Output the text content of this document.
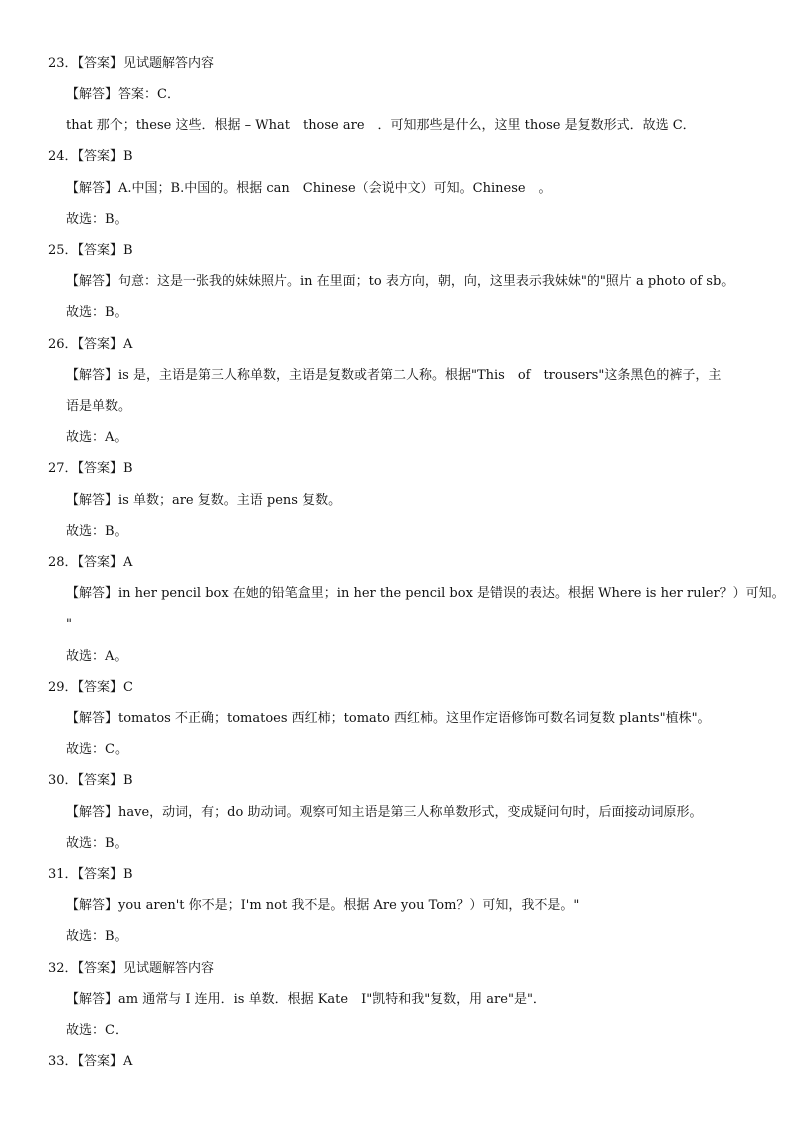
23．【答案】见试题解答内容
【解答】答案：C．
that 那个；these 这些．根据 – What　those are　．可知那些是什么，这里 those 是复数形式．故选 C．
24．【答案】B
【解答】A.中国；B.中国的。根据 can　Chinese（会说中文）可知。Chinese　。
故选：B。
25．【答案】B
【解答】句意：这是一张我的妹妹照片。in 在里面；to 表方向，朝，向，这里表示我妹妹"的"照片 a photo of sb。
故选：B。
26．【答案】A
【解答】is 是，主语是第三人称单数，主语是复数或者第二人称。根据"This　of　trousers"这条黑色的裤子，主
语是单数。
故选：A。
27．【答案】B
【解答】is 单数；are 复数。主语 pens 复数。
故选：B。
28．【答案】A
【解答】in her pencil box 在她的铅笔盒里；in her the pencil box 是错误的表达。根据 Where is her ruler？）可知。
"
故选：A。
29．【答案】C
【解答】tomatos 不正确；tomatoes 西红柿；tomato 西红柿。这里作定语修饰可数名词复数 plants"植株"。
故选：C。
30．【答案】B
【解答】have，动词，有；do 助动词。观察可知主语是第三人称单数形式，变成疑问句时，后面接动词原形。
故选：B。
31．【答案】B
【解答】you aren't 你不是；I'm not 我不是。根据 Are you Tom？）可知，我不是。"
故选：B。
32．【答案】见试题解答内容
【解答】am 通常与 I 连用．is 单数．根据 Kate　I"凯特和我"复数，用 are"是"．
故选：C．
33．【答案】A
